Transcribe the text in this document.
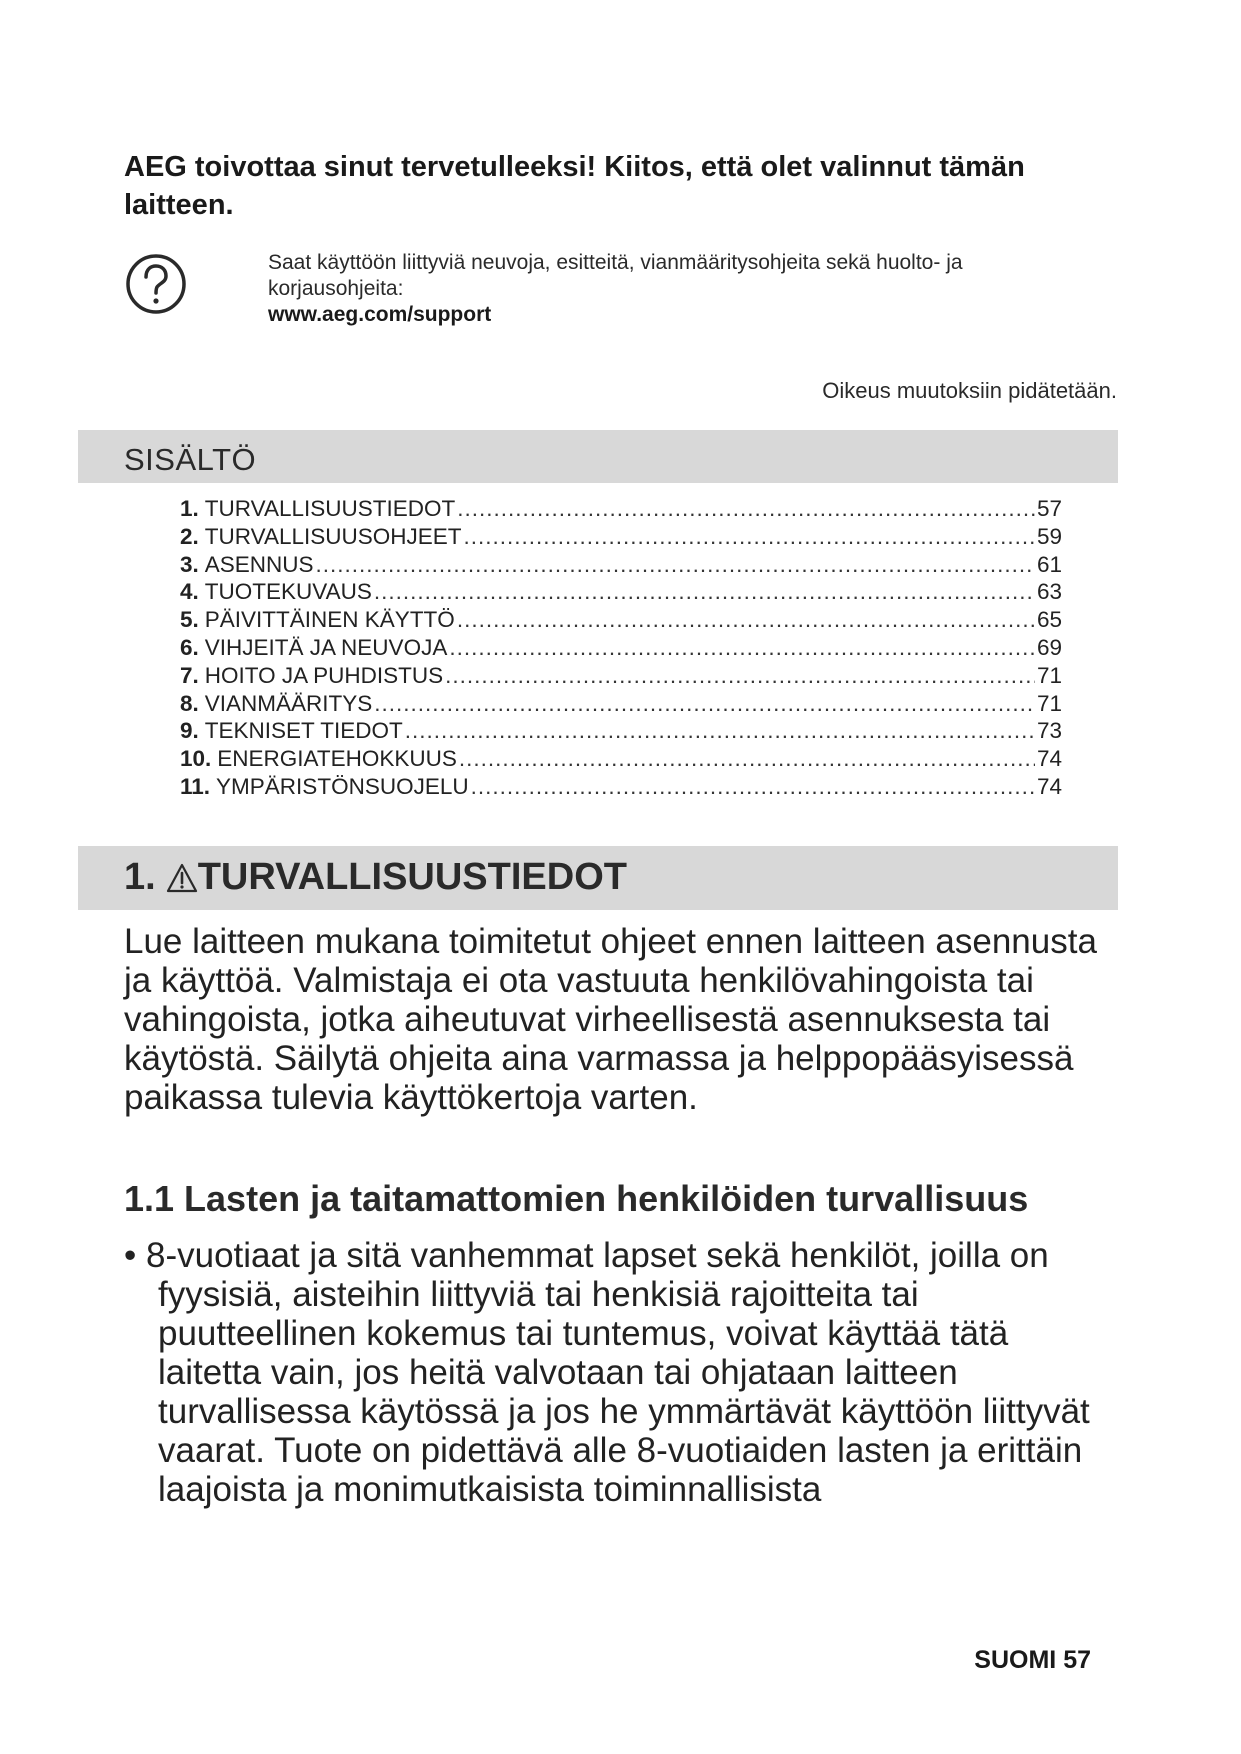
AEG toivottaa sinut tervetulleeksi! Kiitos, että olet valinnut tämän laitteen.
Saat käyttöön liittyviä neuvoja, esitteitä, vianmääritysohjeita sekä huolto- ja korjausohjeita:
www.aeg.com/support
Oikeus muutoksiin pidätetään.
SISÄLTÖ
1. TURVALLISUUSTIEDOT .....	57
2. TURVALLISUUSOHJEET .....	59
3. ASENNUS .....	61
4. TUOTEKUVAUS .....	63
5. PÄIVITTÄINEN KÄYTTÖ .....	65
6. VIHJEITÄ JA NEUVOJA .....	69
7. HOITO JA PUHDISTUS .....	71
8. VIANMÄÄRITYS .....	71
9. TEKNISET TIEDOT .....	73
10. ENERGIATEHOKKUUS .....	74
11. YMPÄRISTÖNSUOJELU .....	74
1. TURVALLISUUSTIEDOT
Lue laitteen mukana toimitetut ohjeet ennen laitteen asennusta ja käyttöä. Valmistaja ei ota vastuuta henkilövahingoista tai vahingoista, jotka aiheutuvat virheellisestä asennuksesta tai käytöstä. Säilytä ohjeita aina varmassa ja helppopääsyisessä paikassa tulevia käyttökertoja varten.
1.1 Lasten ja taitamattomien henkilöiden turvallisuus
• 8-vuotiaat ja sitä vanhemmat lapset sekä henkilöt, joilla on fyysisiä, aisteihin liittyviä tai henkisiä rajoitteita tai puutteellinen kokemus tai tuntemus, voivat käyttää tätä laitetta vain, jos heitä valvotaan tai ohjataan laitteen turvallisessa käytössä ja jos he ymmärtävät käyttöön liittyvät vaarat. Tuote on pidettävä alle 8-vuotiaiden lasten ja erittäin laajoista ja monimutkaisista toiminnallisista
SUOMI 57
